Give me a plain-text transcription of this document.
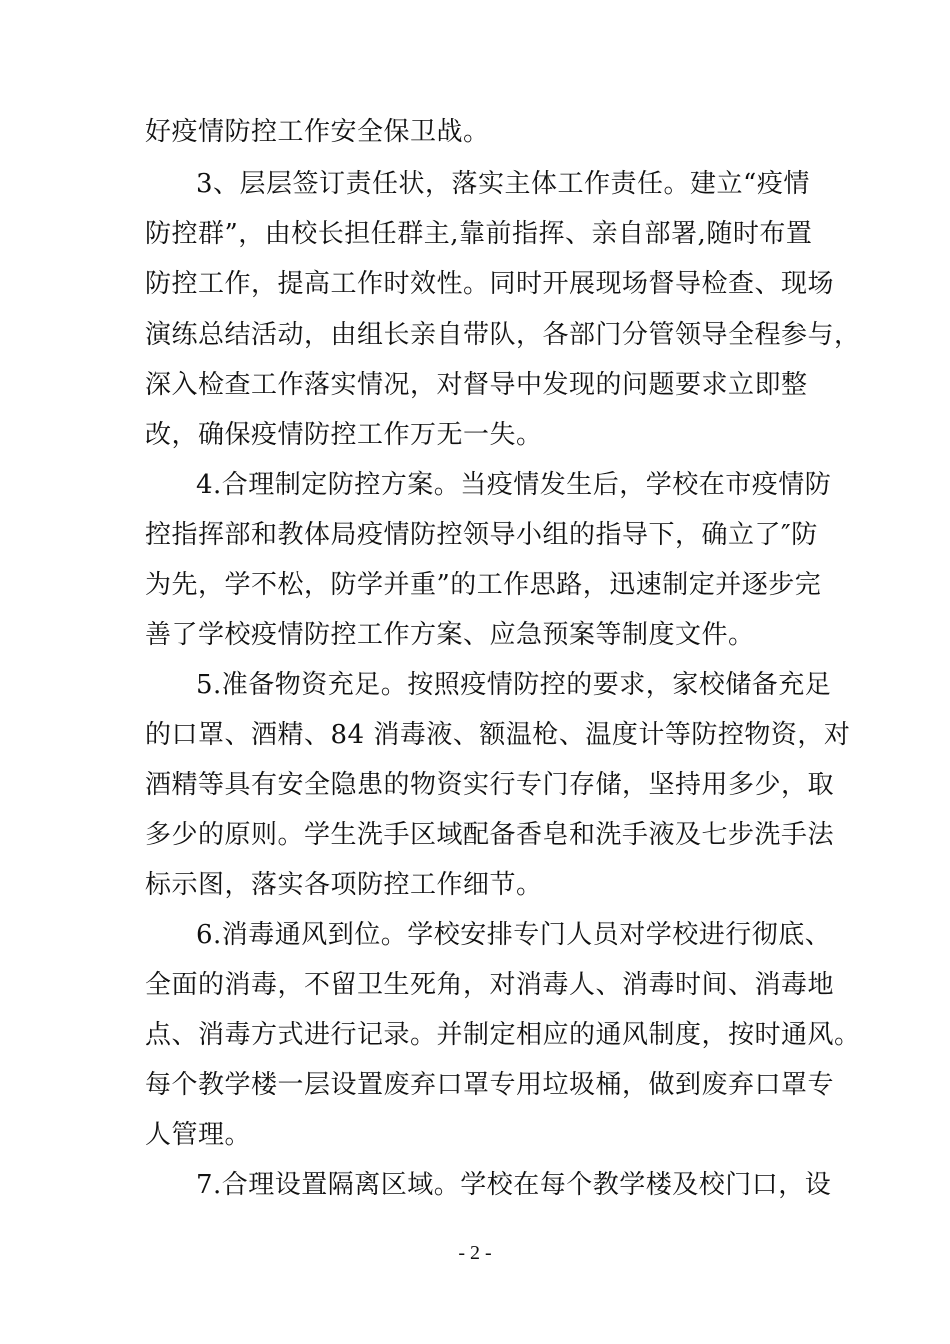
好疫情防控工作安全保卫战。
3、层层签订责任状，落实主体工作责任。建立“疫情
防控群”，由校长担任群主,靠前指挥、亲自部署,随时布置
防控工作，提高工作时效性。同时开展现场督导检查、现场
演练总结活动，由组长亲自带队，各部门分管领导全程参与，
深入检查工作落实情况，对督导中发现的问题要求立即整
改，确保疫情防控工作万无一失。
4.合理制定防控方案。当疫情发生后，学校在市疫情防
控指挥部和教体局疫情防控领导小组的指导下，确立了″防
为先，学不松，防学并重”的工作思路，迅速制定并逐步完
善了学校疫情防控工作方案、应急预案等制度文件。
5.准备物资充足。按照疫情防控的要求，家校储备充足
的口罩、酒精、84 消毒液、额温枪、温度计等防控物资，对
酒精等具有安全隐患的物资实行专门存储，坚持用多少，取
多少的原则。学生洗手区域配备香皂和洗手液及七步洗手法
标示图，落实各项防控工作细节。
6.消毒通风到位。学校安排专门人员对学校进行彻底、
全面的消毒，不留卫生死角，对消毒人、消毒时间、消毒地
点、消毒方式进行记录。并制定相应的通风制度，按时通风。
每个教学楼一层设置废弃口罩专用垃圾桶，做到废弃口罩专
人管理。
7.合理设置隔离区域。学校在每个教学楼及校门口，设
- 2 -
